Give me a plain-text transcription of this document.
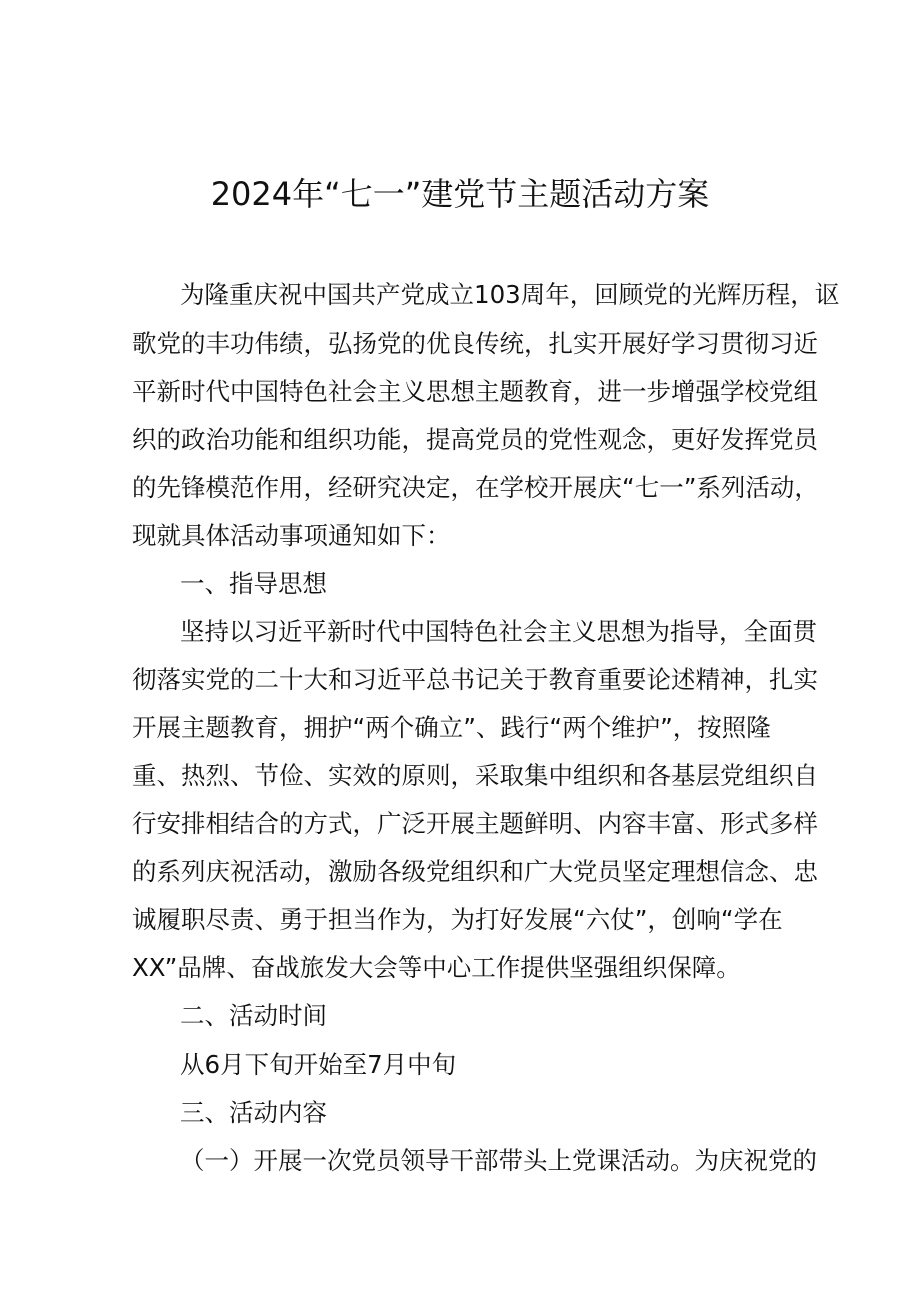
2024年“七一”建党节主题活动方案
为隆重庆祝中国共产党成立103周年，回顾党的光辉历程，讴
歌党的丰功伟绩，弘扬党的优良传统，扎实开展好学习贯彻习近
平新时代中国特色社会主义思想主题教育，进一步增强学校党组
织的政治功能和组织功能，提高党员的党性观念，更好发挥党员
的先锋模范作用，经研究决定，在学校开展庆“七一”系列活动，
现就具体活动事项通知如下：
一、指导思想
坚持以习近平新时代中国特色社会主义思想为指导，全面贯
彻落实党的二十大和习近平总书记关于教育重要论述精神，扎实
开展主题教育，拥护“两个确立”、践行“两个维护”，按照隆
重、热烈、节俭、实效的原则，采取集中组织和各基层党组织自
行安排相结合的方式，广泛开展主题鲜明、内容丰富、形式多样
的系列庆祝活动，激励各级党组织和广大党员坚定理想信念、忠
诚履职尽责、勇于担当作为，为打好发展“六仗”，创响“学在
XX”品牌、奋战旅发大会等中心工作提供坚强组织保障。
二、活动时间
从6月下旬开始至7月中旬
三、活动内容
（一）开展一次党员领导干部带头上党课活动。为庆祝党的
